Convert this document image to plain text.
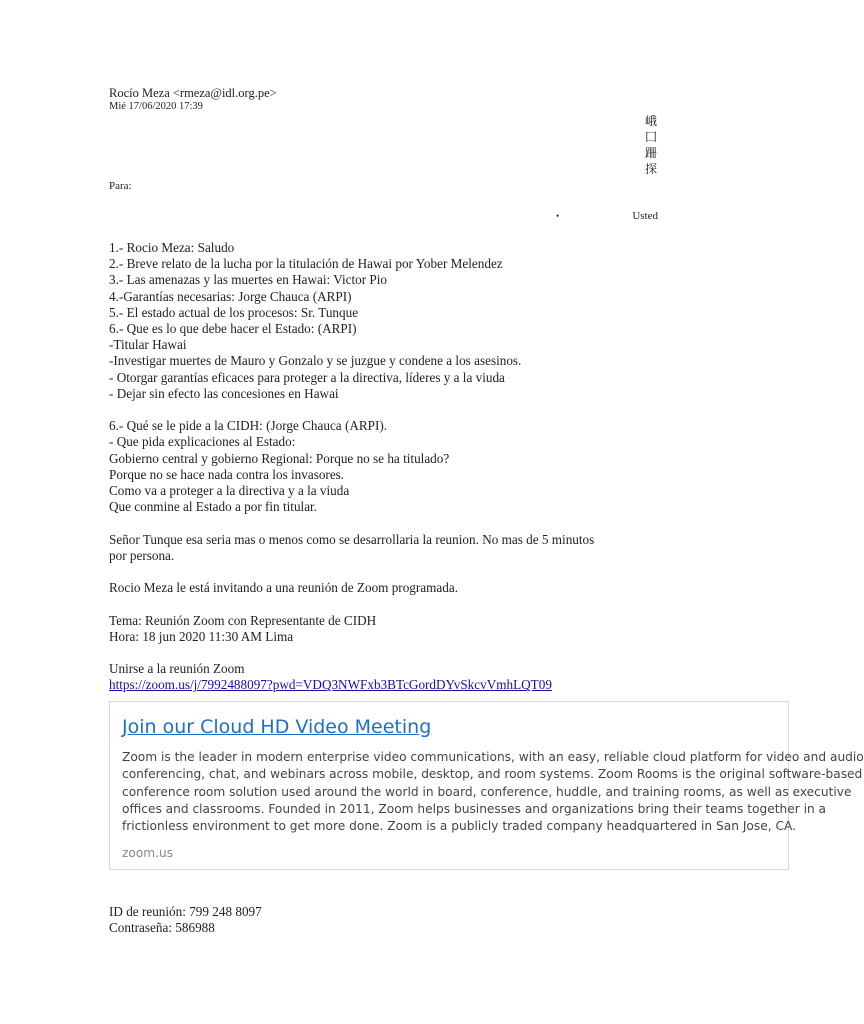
Rocío Meza <rmeza@idl.org.pe>
Mié 17/06/2020 17:39
峨
囗
跚
探
Para:
•	Usted
1.- Rocio Meza: Saludo
2.- Breve relato de la lucha por la titulación de Hawai por Yober Melendez
3.- Las amenazas y las muertes en Hawai: Victor Pio
4.-Garantías necesarias: Jorge Chauca (ARPI)
5.- El estado actual de los procesos: Sr. Tunque
6.- Que es lo que debe hacer el Estado: (ARPI)
-Titular Hawai
-Investigar muertes de Mauro y Gonzalo y se juzgue y condene a los asesinos.
- Otorgar garantías eficaces para proteger a la directiva, líderes y a la viuda
- Dejar sin efecto las concesiones en Hawai
6.- Qué se le pide a la CIDH: (Jorge Chauca (ARPI).
- Que pida explicaciones al Estado:
Gobierno central y gobierno Regional: Porque no se ha titulado?
Porque no se hace nada contra los invasores.
Como va a proteger a la directiva y a la viuda
Que conmine al Estado a por fin titular.
Señor Tunque esa seria mas o menos como se desarrollaria la reunion. No mas de 5 minutos
por persona.
Rocio Meza le está invitando a una reunión de Zoom programada.
Tema: Reunión Zoom con Representante de CIDH
Hora: 18 jun 2020 11:30 AM Lima
Unirse a la reunión Zoom
https://zoom.us/j/7992488097?pwd=VDQ3NWFxb3BTcGordDYvSkcvVmhLQT09
Join our Cloud HD Video Meeting
Zoom is the leader in modern enterprise video communications, with an easy, reliable cloud platform for video and audio
conferencing, chat, and webinars across mobile, desktop, and room systems. Zoom Rooms is the original software-based
conference room solution used around the world in board, conference, huddle, and training rooms, as well as executive
offices and classrooms. Founded in 2011, Zoom helps businesses and organizations bring their teams together in a
frictionless environment to get more done. Zoom is a publicly traded company headquartered in San Jose, CA.
zoom.us
ID de reunión: 799 248 8097
Contraseña: 586988
